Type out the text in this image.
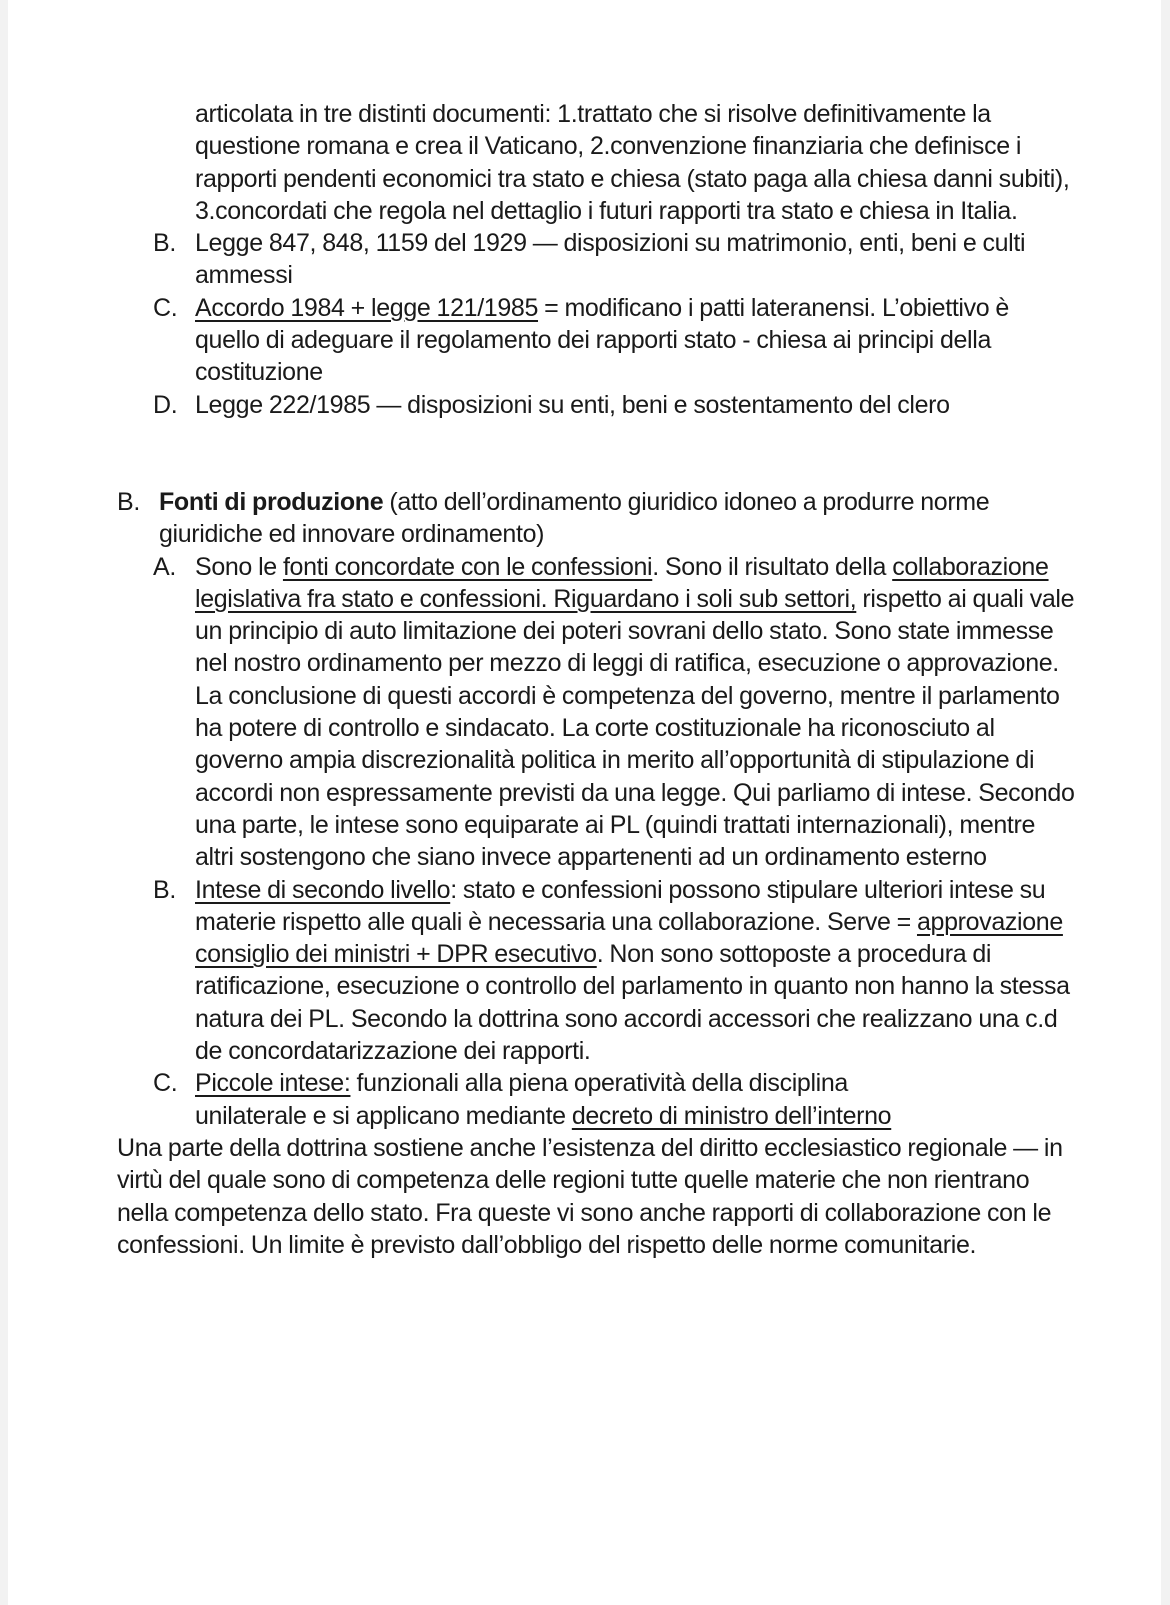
articolata in tre distinti documenti: 1.trattato che si risolve definitivamente la questione romana e crea il Vaticano, 2.convenzione finanziaria che definisce i rapporti pendenti economici tra stato e chiesa (stato paga alla chiesa danni subiti), 3.concordati che regola nel dettaglio i futuri rapporti tra stato e chiesa in Italia.
B. Legge 847, 848, 1159 del 1929 — disposizioni su matrimonio, enti, beni e culti ammessi
C. Accordo 1984 + legge 121/1985 = modificano i patti lateranensi. L’obiettivo è quello di adeguare il regolamento dei rapporti stato - chiesa ai principi della costituzione
D. Legge 222/1985 — disposizioni su enti, beni e sostentamento del clero
B. Fonti di produzione (atto dell’ordinamento giuridico idoneo a produrre norme giuridiche ed innovare ordinamento)
A. Sono le fonti concordate con le confessioni. Sono il risultato della collaborazione legislativa fra stato e confessioni. Riguardano i soli sub settori, rispetto ai quali vale un principio di auto limitazione dei poteri sovrani dello stato. Sono state immesse nel nostro ordinamento per mezzo di leggi di ratifica, esecuzione o approvazione. La conclusione di questi accordi è competenza del governo, mentre il parlamento ha potere di controllo e sindacato. La corte costituzionale ha riconosciuto al governo ampia discrezionalità politica in merito all’opportunità di stipulazione di accordi non espressamente previsti da una legge. Qui parliamo di intese. Secondo una parte, le intese sono equiparate ai PL (quindi trattati internazionali), mentre altri sostengono che siano invece appartenenti ad un ordinamento esterno
B. Intese di secondo livello: stato e confessioni possono stipulare ulteriori intese su materie rispetto alle quali è necessaria una collaborazione. Serve = approvazione consiglio dei ministri + DPR esecutivo. Non sono sottoposte a procedura di ratificazione, esecuzione o controllo del parlamento in quanto non hanno la stessa natura dei PL. Secondo la dottrina sono accordi accessori che realizzano una c.d de concordatarizzazione dei rapporti.
C. Piccole intese: funzionali alla piena operatività della disciplina
unilaterale e si applicano mediante decreto di ministro dell’interno
Una parte della dottrina sostiene anche l’esistenza del diritto ecclesiastico regionale — in virtù del quale sono di competenza delle regioni tutte quelle materie che non rientrano nella competenza dello stato. Fra queste vi sono anche rapporti di collaborazione con le confessioni. Un limite è previsto dall’obbligo del rispetto delle norme comunitarie.
